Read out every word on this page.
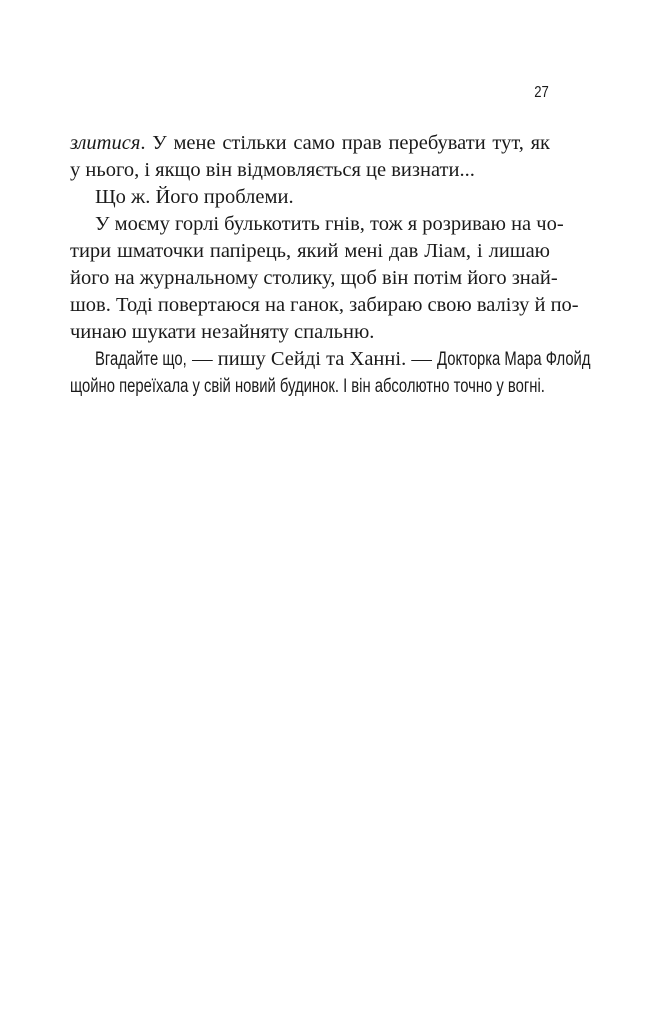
27
злитися. У мене стільки само прав перебувати тут, як
у нього, і якщо він відмовляється це визнати...
Що ж. Його проблеми.
У моєму горлі булькотить гнів, тож я розриваю на чо-
тири шматочки папірець, який мені дав Ліам, і лишаю
його на журнальному столику, щоб він потім його знай-
шов. Тоді повертаюся на ганок, забираю свою валізу й по-
чинаю шукати незайняту спальню.
Вгадайте що, — пишу Сейді та Ханні. — Докторка Мара Флойд
щойно переїхала у свій новий будинок. І він абсолютно точно у вогні.
